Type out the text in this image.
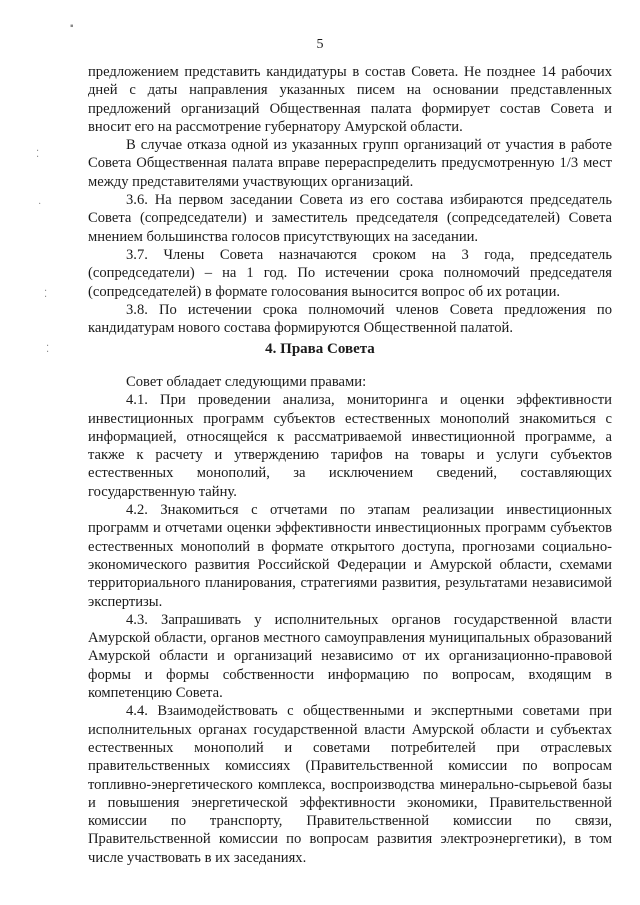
▪
⁚
·
⁚
⁚
5

предложением представить кандидатуры в состав Совета. Не позднее 14 рабочих дней с даты направления указанных писем на основании представленных предложений организаций Общественная палата формирует состав Совета и вносит его на рассмотрение губернатору Амурской области.

В случае отказа одной из указанных групп организаций от участия в работе Совета Общественная палата вправе перераспределить предусмотренную 1/3 мест между представителями участвующих организаций.

3.6. На первом заседании Совета из его состава избираются председатель Совета (сопредседатели) и заместитель председателя (сопредседателей) Совета мнением большинства голосов присутствующих на заседании.

3.7. Члены Совета назначаются сроком на 3 года, председатель (сопредседатели) – на 1 год. По истечении срока полномочий председателя (сопредседателей) в формате голосования выносится вопрос об их ротации.

3.8. По истечении срока полномочий членов Совета предложения по кандидатурам нового состава формируются Общественной палатой.

4. Права Совета

Совет обладает следующими правами:

4.1. При проведении анализа, мониторинга и оценки эффективности инвестиционных программ субъектов естественных монополий знакомиться с информацией, относящейся к рассматриваемой инвестиционной программе, а также к расчету и утверждению тарифов на товары и услуги субъектов естественных монополий, за исключением сведений, составляющих государственную тайну.

4.2. Знакомиться с отчетами по этапам реализации инвестиционных программ и отчетами оценки эффективности инвестиционных программ субъектов естественных монополий в формате открытого доступа, прогнозами социально-экономического развития Российской Федерации и Амурской области, схемами территориального планирования, стратегиями развития, результатами независимой экспертизы.

4.3. Запрашивать у исполнительных органов государственной власти Амурской области, органов местного самоуправления муниципальных образований Амурской области и организаций независимо от их организационно-правовой формы и формы собственности информацию по вопросам, входящим в компетенцию Совета.

4.4. Взаимодействовать с общественными и экспертными советами при исполнительных органах государственной власти Амурской области и субъектах естественных монополий и советами потребителей при отраслевых правительственных комиссиях (Правительственной комиссии по вопросам топливно-энергетического комплекса, воспроизводства минерально-сырьевой базы и повышения энергетической эффективности экономики, Правительственной комиссии по транспорту, Правительственной комиссии по связи, Правительственной комиссии по вопросам развития электроэнергетики), в том числе участвовать в их заседаниях.
